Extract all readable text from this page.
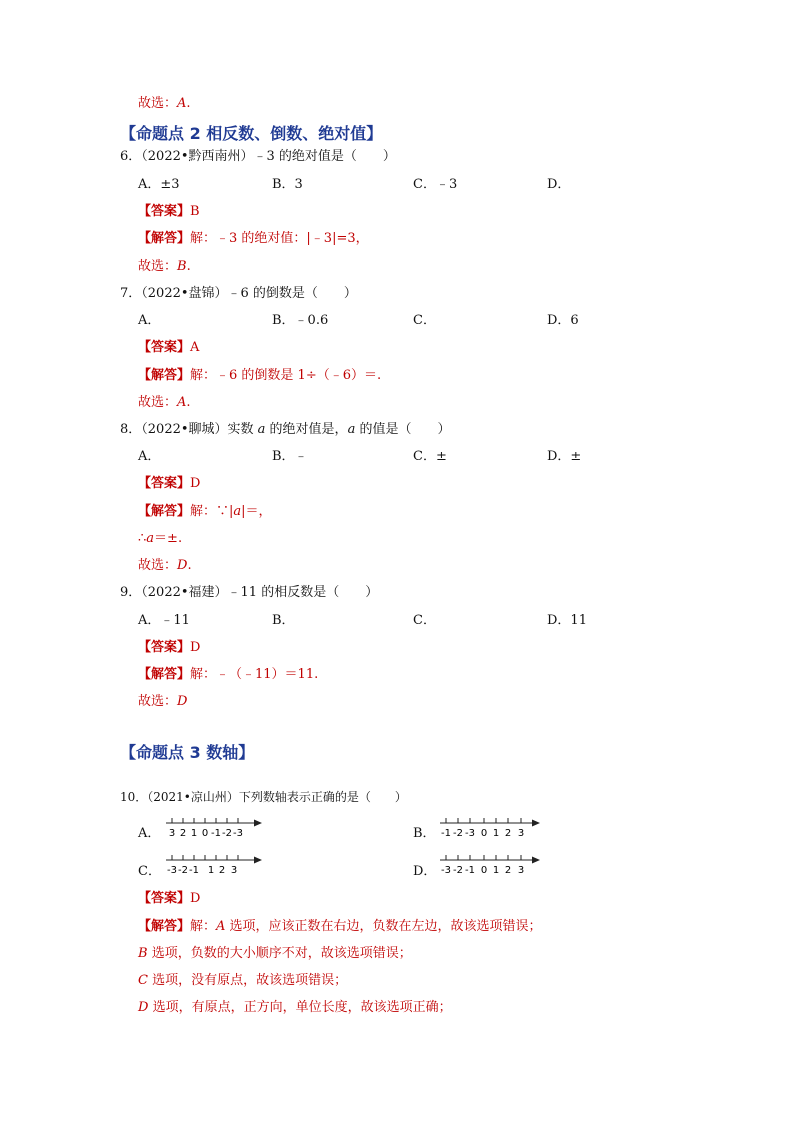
故选：A.
【命题点 2 相反数、倒数、绝对值】
6．（2022•黔西南州）﹣3 的绝对值是（　　）
A．±3	B．3	C．﹣3	D．
【答案】B
【解答】解：﹣3 的绝对值：|﹣3|=3，
故选：B.
7．（2022•盘锦）﹣6 的倒数是（　　）
A．	B．﹣0.6	C．	D．6
【答案】A
【解答】解：﹣6 的倒数是 1÷（﹣6）＝.
故选：A.
8．（2022•聊城）实数 a 的绝对值是，a 的值是（　　）
A．	B．﹣	C．±	D．±
【答案】D
【解答】解：∵|a|＝，
∴a＝±.
故选：D.
9．（2022•福建）﹣11 的相反数是（　　）
A．﹣11	B．	C．	D．11
【答案】D
【解答】解：﹣（﹣11）＝11.
故选：D
【命题点 3 数轴】
10．（2021•凉山州）下列数轴表示正确的是（　　）
A． 3 2 1 0 -1 -2 -3	B． -1 -2 -3 0 1 2 3
C． -3 -2 -1 1 2 3	D． -3 -2 -1 0 1 2 3
【答案】D
【解答】解：A 选项，应该正数在右边，负数在左边，故该选项错误；
B 选项，负数的大小顺序不对，故该选项错误；
C 选项，没有原点，故该选项错误；
D 选项，有原点，正方向，单位长度，故该选项正确；
